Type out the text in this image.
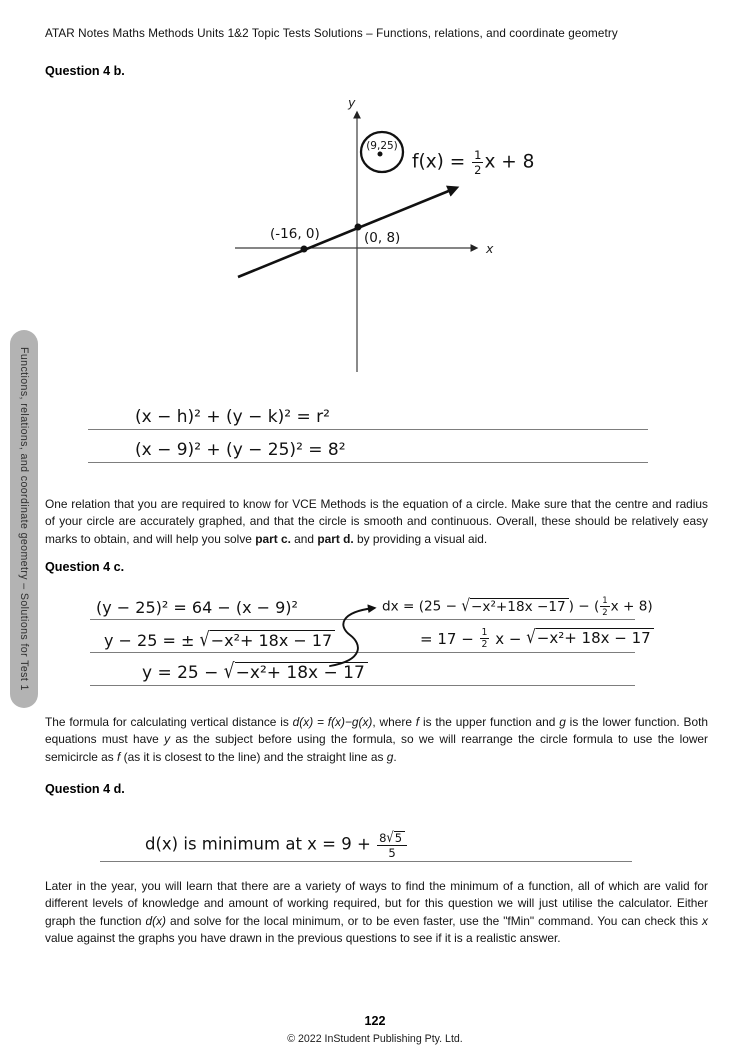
ATAR Notes Maths Methods Units 1&2 Topic Tests Solutions – Functions, relations, and coordinate geometry
Functions, relations, and coordinate geometry – Solutions for Test 1
Question 4 b.
y
x
(9,25)
(-16, 0)	(0, 8)
$f(x) = \frac{1}{2}$ x + 8
(x − h)² + (y − k)² = r²
(x − 9)² + (y − 25)² = 8²

One relation that you are required to know for VCE Methods is the equation of a circle. Make sure that the centre and radius of your circle are accurately graphed, and that the circle is smooth and continuous. Overall, these should be relatively easy marks to obtain, and will help you solve part c. and part d. by providing a visual aid.

Question 4 c.
(y − 25)² = 64 − (x − 9)²	dx = (25 − √−x²+18x −17 ) − ( $\frac{1}{2}$ x + 8)
y − 25 = ± √−x²+ 18x − 17	= $17 - \frac{1}{2}$ x − √−x²+ 18x − 17
y = 25 − √−x²+ 18x − 17

The formula for calculating vertical distance is d(x) = f(x)−g(x), where f is the upper function and g is the lower function. Both equations must have y as the subject before using the formula, so we will rearrange the circle formula to use the lower semicircle as f (as it is closest to the line) and the straight line as g.

Question 4 d.
d(x) is minimum at $x = 9 + \frac{8 √5}{5}$

Later in the year, you will learn that there are a variety of ways to find the minimum of a function, all of which are valid for different levels of knowledge and amount of working required, but for this question we will just utilise the calculator. Either graph the function d(x) and solve for the local minimum, or to be even faster, use the "fMin" command. You can check this x value against the graphs you have drawn in the previous questions to see if it is a realistic answer.

122
© 2022 InStudent Publishing Pty. Ltd.
